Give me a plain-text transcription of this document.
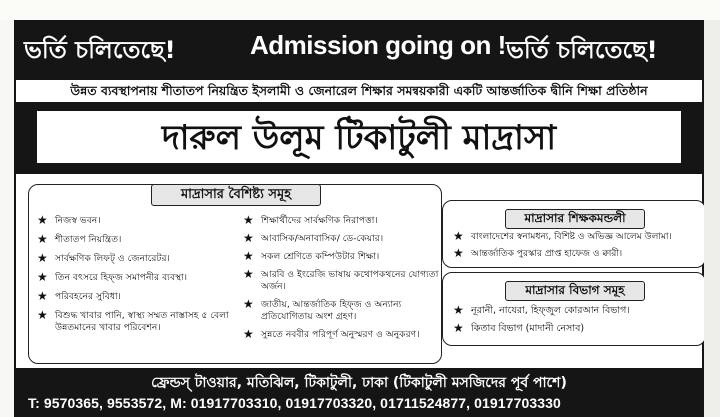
ভর্তি চলিতেছে!	Admission going on ! ভর্তি চলিতেছে!
উন্নত ব্যবস্থাপনায় শীতাতপ নিয়ন্ত্রিত ইসলামী ও জেনারেল শিক্ষার সমন্বয়কারী একটি আন্তর্জাতিক দ্বীনি শিক্ষা প্রতিষ্ঠান
দারুল উলূম টিকাটুলী মাদ্রাসা
মাদ্রাসার বৈশিষ্ট্য সমূহ
★ নিজস্ব ভবন।
★ শীতাতপ নিয়ন্ত্রিত।
★ সার্বক্ষণিক লিফট্ ও জেনারেটর।
★ তিন বৎসরে হিফ্জ সমাপনীর ব্যবস্থা।
★ পরিবহনের সুবিধা।
★ বিশুদ্ধ খাবার পানি, স্বাস্থ্য সম্মত নাস্তাসহ ৫ বেলা উন্নতমানের খাবার পরিবেশন।
★ শিক্ষার্থীদের সার্বক্ষণিক নিরাপত্তা।
★ আবাসিক/অনাবাসিক/ ডে-কেয়ার।
★ সকল শ্রেণিতে কম্পিউটার শিক্ষা।
★ আরবি ও ইংরেজি ভাষায় কথোপকথনের যোগ্যতা অর্জন।
★ জাতীয়, আন্তর্জাতিক হিফ্জ ও অন্যান্য প্রতিযোগিতায় অংশ গ্রহণ।
★ সুন্নতে নববীর পরিপূর্ণ অনুস্মরণ ও অনুকরণ।
মাদ্রাসার শিক্ষকমন্ডলী
★ বাংলাদেশের স্বনামধন্য, বিশিষ্ট ও অভিজ্ঞ আলেম উলামা।
★ আন্তর্জাতিক পুরস্কার প্রাপ্ত হাফেজ ও ক্বারী।
মাদ্রাসার বিভাগ সমূহ
★ নূরানী, নাযেরা, হিফ্জুল কোরআন বিভাগ।
★ কিতাব বিভাগ (মাদানী নেসাব)
ফ্রেন্ডস্ টাওয়ার, মতিঝিল, টিকাটুলী, ঢাকা (টিকাটুলী মসজিদের পূর্ব পাশে)
T: 9570365, 9553572, M: 01917703310, 01917703320, 01711524877, 01917703330
